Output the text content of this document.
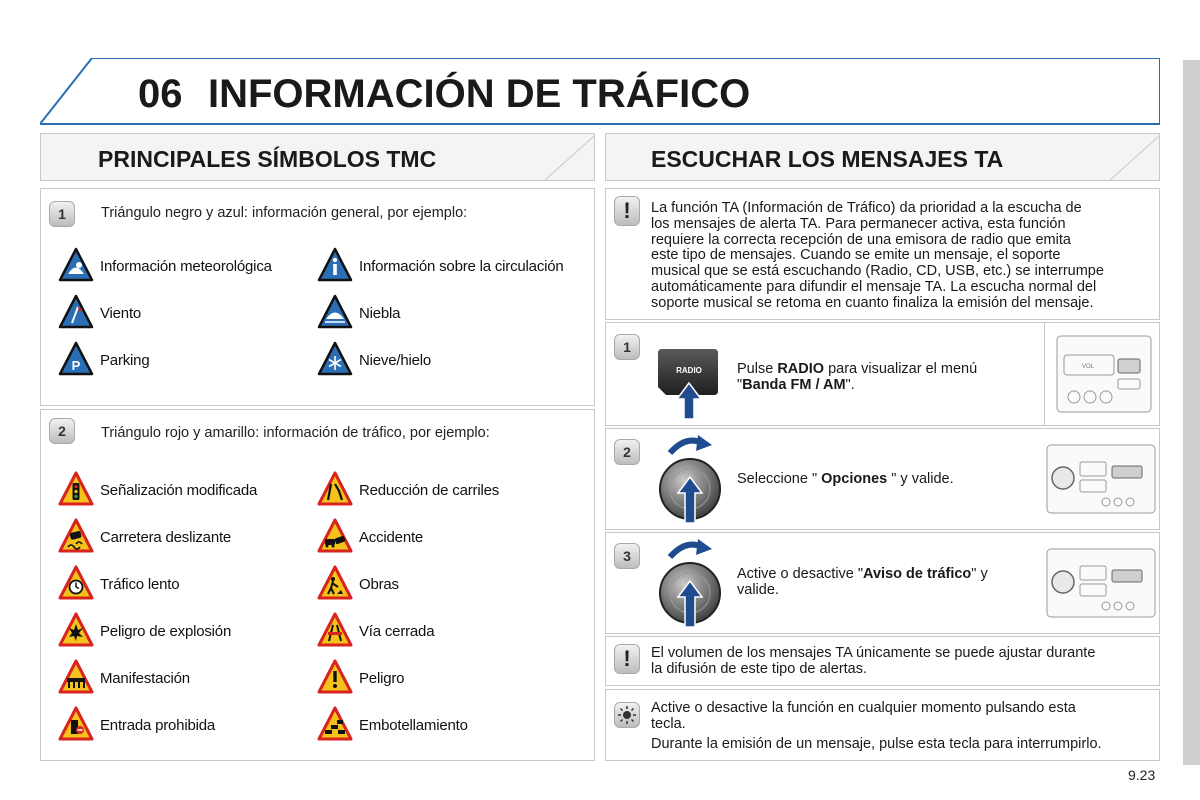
06 INFORMACIÓN DE TRÁFICO
PRINCIPALES SÍMBOLOS TMC
1	Triángulo negro y azul: información general, por ejemplo:
Información meteorológica	Información sobre la circulación
Viento	Niebla
P Parking	Nieve/hielo
2	Triángulo rojo y amarillo: información de tráfico, por ejemplo:
Señalización modificada	Reducción de carriles
Carretera deslizante	Accidente
Tráfico lento	Obras
Peligro de explosión	Vía cerrada
Manifestación	Peligro
Entrada prohibida	Embotellamiento
ESCUCHAR LOS MENSAJES TA
!	La función TA (Información de Tráfico) da prioridad a la escucha de
los mensajes de alerta TA. Para permanecer activa, esta función
requiere la correcta recepción de una emisora de radio que emita
este tipo de mensajes. Cuando se emite un mensaje, el soporte
musical que se está escuchando (Radio, CD, USB, etc.) se interrumpe
automáticamente para difundir el mensaje TA. La escucha normal del
soporte musical se retoma en cuanto finaliza la emisión del mensaje.
1
RADIO Pulse RADIO para visualizar el menú
"Banda FM / AM".
VOL
2
Seleccione " Opciones " y valide.
3
Active o desactive "Aviso de tráfico" y
valide.
!	El volumen de los mensajes TA únicamente se puede ajustar durante
la difusión de este tipo de alertas.
Active o desactive la función en cualquier momento pulsando esta
tecla.
Durante la emisión de un mensaje, pulse esta tecla para interrumpirlo.
9.23
